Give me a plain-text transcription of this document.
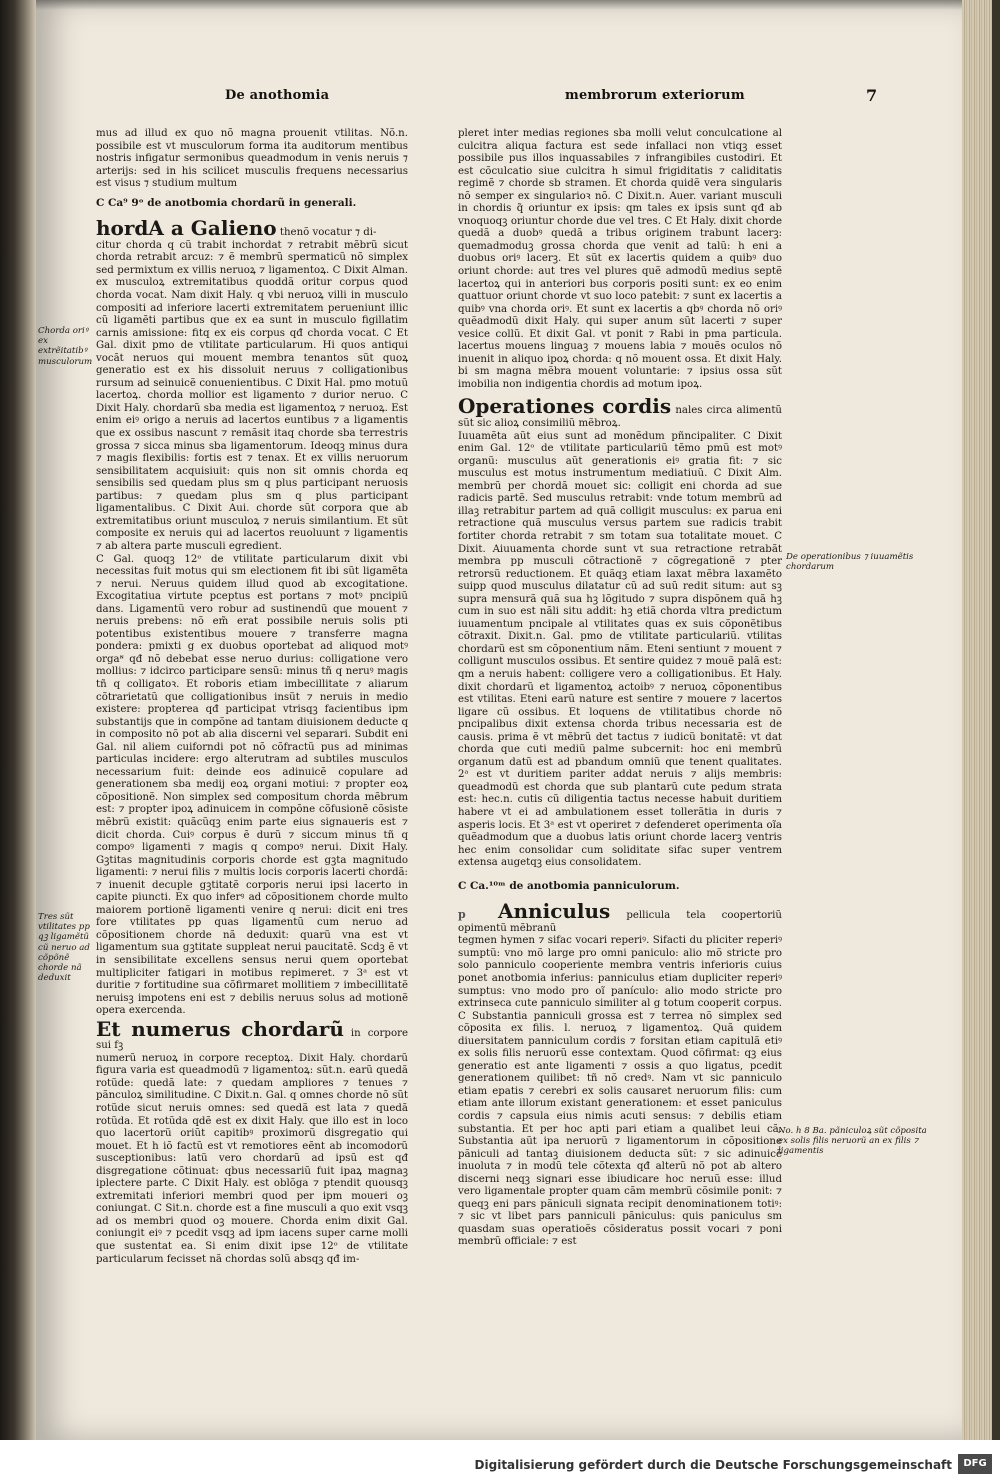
De anothomia	membrorum exteriorum	7

mus ad illud ex quo nõ magna prouenit vtilitas. Nõ.n. possibile est vt musculorum forma ita auditorum mentibus nostris infigatur sermonibus queadmodum in venis neruis ⁊ arterijs: sed in his scilicet musculis frequens necessarius est visus ⁊ studium multum

C Ca⁹ 9ᵒ de anotbomia chordarũ in generali.

hordA a Galieno thenõ vocatur ⁊ di-

citur chorda q cũ trabit inchordat ⁊ retrabit mẽbrũ sicut chorda retrabit arcuz: ⁊ ẽ membrũ spermaticũ nõ simplex sed permixtum ex villis neruoꝝ ⁊ ligamentoꝝ. C Dixit Alman. ex musculoꝝ extremitatibus quoddã oritur corpus quod chorda vocat. Nam dixit Haly. q vbi neruoꝝ villi in musculo compositi ad inferiore lacerti extremitatem perueniunt illic cũ ligamẽti partibus que ex ea sunt in musculo figillatim carnis amissione: fitq ex eis corpus qđ chorda vocat. C Et Gal. dixit pmo de vtilitate particularum. Hi quos antiqui vocãt neruos qui mouent membra tenantos sũt quoꝝ generatio est ex his dissoluit neruus ⁊ colligationibus rursum ad seinuicẽ conuenientibus. C Dixit Hal. pmo motuũ lacertoꝝ. chorda mollior est ligamento ⁊ durior neruo. C Dixit Haly. chordarũ sba media est ligamentoꝝ ⁊ neruoꝝ. Est enim eiꝰ origo a neruis ad lacertos euntibus ⁊ a ligamentis que ex ossibus nascunt ⁊ remãsit itaq chorde sba terrestris grossa ⁊ sicca minus sba ligamentorum. Ideoqꝫ minus dura ⁊ magis flexibilis: fortis est ⁊ tenax. Et ex villis neruorum sensibilitatem acquisiuit: quis non sit omnis chorda eq sensibilis sed quedam plus sm q plus participant neruosis partibus: ⁊ quedam plus sm q plus participant ligamentalibus. C Dixit Aui. chorde sũt corpora que ab extremitatibus oriunt musculoꝝ ⁊ neruis similantium. Et sũt composite ex neruis qui ad lacertos reuoluunt ⁊ ligamentis ⁊ ab altera parte musculi egredient.

C Gal. quoqꝫ 12ᵒ de vtilitate particularum dixit vbi necessitas fuit motus qui sm electionem fit ibi sũt ligamẽta ⁊ nerui. Neruus quidem illud quod ab excogitatione. Excogitatiua virtute pceptus est portans ⁊ motꝰ pncipiũ dans. Ligamentũ vero robur ad sustinendũ que mouent ⁊ neruis prebens: nõ em̃ erat possibile neruis solis pti potentibus existentibus mouere ⁊ transferre magna pondera: pmixti g ex duobus oportebat ad aliquod motꝰ orgaᶰ qđ nõ debebat esse neruo durius: colligatione vero mollius: ⁊ idcirco participare sensũ: minus tñ q neruꝰ magis tñ q colligatoꝛ. Et roboris etiam imbecillitate ⁊ aliarum cõtrarietatũ que colligationibus insũt ⁊ neruis in medio existere: propterea qđ participat vtrisqꝫ facientibus ipm substantijs que in compõne ad tantam diuisionem deducte q in composito nõ pot ab alia discerni vel separari. Subdit eni Gal. nil aliem cuiforndi pot nõ cõfractũ pus ad minimas particulas incidere: ergo alterutram ad subtiles musculos necessarium fuit: deinde eos adinuicẽ copulare ad generationem sba medij eoꝝ organi motiui: ⁊ propter eoꝝ cõpositionẽ. Non simplex sed compositum chorda mẽbrum est: ⁊ propter ipoꝝ adinuicem in compõne cõfusionẽ cõsiste mẽbrũ existit: quãcũqꝫ enim parte eius signaueris est ⁊ dicit chorda. Cuiꝰ corpus ẽ durũ ⁊ siccum minus tñ q compoꝰ ligamenti ⁊ magis q compoꝰ nerui. Dixit Haly. Gꝫtitas magnitudinis corporis chorde est gꝫta magnitudo ligamenti: ⁊ nerui filis ⁊ multis locis corporis lacerti chordã: ⁊ inuenit decuple gꝫtitatẽ corporis nerui ipsi lacerto in capite piuncti. Ex quo inferꝰ ad cõpositionem chorde multo maiorem portionẽ ligamenti venire q nerui: dicit eni tres fore vtilitates pp quas ligamentũ cum neruo ad cõpositionem chorde nã deduxit: quarũ vna est vt ligamentum sua gꝫtitate suppleat nerui paucitatẽ. Scdꝫ ẽ vt in sensibilitate excellens sensus nerui quem oportebat multipliciter fatigari in motibus repimeret. ⁊ 3ᵃ est vt duritie ⁊ fortitudine sua cõfirmaret mollitiem ⁊ imbecillitatẽ neruisꝫ impotens eni est ⁊ debilis neruus solus ad motionẽ opera exercenda.

Et numerus chordarũ in corpore sui fꝫ

numerũ neruoꝝ in corpore receptoꝝ. Dixit Haly. chordarũ figura varia est queadmodũ ⁊ ligamentoꝝ: sũt.n. earũ quedã rotũde: quedã late: ⁊ quedam ampliores ⁊ tenues ⁊ pãnculoꝝ similitudine. C Dixit.n. Gal. q omnes chorde nõ sũt rotũde sicut neruis omnes: sed quedã est lata ⁊ quedã rotũda. Et rotũda qdẽ est ex dixit Haly. que illo est in loco quo lacertorũ oriũt capitibꝰ proximorũ disgregatio qui mouet. Et h iõ factũ est vt remotiores eẽnt ab incomodorũ susceptionibus: latũ vero chordarũ ad ipsũ est qđ disgregatione cõtinuat: qbus necessariũ fuit ipaꝝ magnaꝫ iplectere parte. C Dixit Haly. est oblõga ⁊ ptendit quousqꝫ extremitati inferiori membri quod per ipm moueri oꝫ coniungat. C Sit.n. chorde est a fine musculi a quo exit vsqꝫ ad os membri quod oꝫ mouere. Chorda enim dixit Gal. coniungit eiꝰ ⁊ pcedit vsqꝫ ad ipm iacens super carne molli que sustentat ea. Si enim dixit ipse 12ᵒ de vtilitate particularum fecisset nã chordas solũ absqꝫ qđ im-

pleret inter medias regiones sba molli velut conculcatione al culcitra aliqua factura est sede infallaci non vtiqꝫ esset possibile pus illos inquassabiles ⁊ infrangibiles custodiri. Et est cõculcatio siue culcitra h simul frigiditatis ⁊ caliditatis regimẽ ⁊ chorde sb stramen. Et chorda quidẽ vera singularis nõ semper ex singularioꝛ nõ. C Dixit.n. Auer. variant musculi in chordis q̃ oriuntur ex ipsis: qm tales ex ipsis sunt qđ ab vnoquoqꝫ oriuntur chorde due vel tres. C Et Haly. dixit chorde quedã a duobꝰ quedã a tribus originem trabunt lacerꝫ: quemadmoduꝫ grossa chorda que venit ad talũ: h eni a duobus oriꝰ lacerꝫ. Et sũt ex lacertis quidem a quibꝰ duo oriunt chorde: aut tres vel plures quẽ admodũ medius septẽ lacertoꝝ qui in anteriori bus corporis positi sunt: ex eo enim quattuor oriunt chorde vt suo loco patebit: ⁊ sunt ex lacertis a quibꝰ vna chorda oriꝰ. Et sunt ex lacertis a qbꝰ chorda nõ oriꝰ quẽadmodũ dixit Haly. qui super anum sũt lacerti ⁊ super vesice collũ. Et dixit Gal. vt ponit ⁊ Rabi in pma particula. lacertus mouens linguaꝫ ⁊ mouens labia ⁊ mouẽs oculos nõ inuenit in aliquo ipoꝝ chorda: q nõ mouent ossa. Et dixit Haly. bi sm magna mẽbra mouent voluntarie: ⁊ ipsius ossa sũt imobilia non indigentia chordis ad motum ipoꝝ.

Operationes cordis nales circa alimentũ sũt sic alioꝝ consimiliũ mẽbroꝝ.

Iuuamẽta aũt eius sunt ad monẽdum pñncipaliter. C Dixit enim Gal. 12ᵒ de vtilitate particulariũ tẽmo pmũ est motꝰ organũ: musculus aũt generationis eiꝰ gratia fit: ⁊ sic musculus est motus instrumentum mediatiuũ. C Dixit Alm. membrũ per chordã mouet sic: colligit eni chorda ad sue radicis partẽ. Sed musculus retrabit: vnde totum membrũ ad illaꝫ retrabitur partem ad quã colligit musculus: ex parua eni retractione quã musculus versus partem sue radicis trabit fortiter chorda retrabit ⁊ sm totam sua totalitate mouet. C Dixit. Aiuuamenta chorde sunt vt sua retractione retrabãt membra pp musculi cõtractionẽ ⁊ cõgregationẽ ⁊ pter retrorsũ reductionem. Et quãqꝫ etiam laxat mẽbra laxamẽto suipp quod musculus dilatatur cũ ad suũ redit situm: aut sꝫ supra mensurã quã sua hꝫ lõgitudo ⁊ supra dispõnem quã hꝫ cum in suo est nãli situ addit: hꝫ etiã chorda vltra predictum iuuamentum pncipale al vtilitates quas ex suis cõponẽtibus cõtraxit. Dixit.n. Gal. pmo de vtilitate particulariũ. vtilitas chordarũ est sm cõponentium nãm. Eteni sentiunt ⁊ mouent ⁊ colligunt musculos ossibus. Et sentire quidez ⁊ mouẽ palã est: qm a neruis habent: colligere vero a colligationibus. Et Haly. dixit chordarũ et ligamentoꝝ actoibꝰ ⁊ neruoꝝ cõponentibus est vtilitas. Eteni earũ nature est sentire ⁊ mouere ⁊ lacertos ligare cũ ossibus. Et loquens de vtilitatibus chorde nõ pncipalibus dixit extensa chorda tribus necessaria est de causis. prima ẽ vt mẽbrũ det tactus ⁊ iudicũ bonitatẽ: vt dat chorda que cuti mediũ palme subcernit: hoc eni membrũ organum datũ est ad pbandum omniũ que tenent qualitates. 2ᵃ est vt duritiem pariter addat neruis ⁊ alijs membris: queadmodũ est chorda que sub plantarũ cute pedum strata est: hec.n. cutis cũ diligentia tactus necesse habuit duritiem habere vt ei ad ambulationem esset tollerãtia in duris ⁊ asperis locis. Et 3ᵃ est vt operiret ⁊ defenderet operimenta oĩa quẽadmodum que a duobus latis oriunt chorde lacerꝫ ventris hec enim consolidar cum soliditate sifac super ventrem extensa augetqꝫ eius consolidatem.

C Ca.¹⁰ᵐ de anotbomia panniculorum.

p Anniculus pellicula tela coopertoriũ opimentũ mẽbranũ

tegmen hymen ⁊ sifac vocari reperiꝰ. Sifacti du pliciter reperiꝰ sumptũ: vno mõ large pro omni paniculo: alio mõ stricte pro solo panniculo cooperiente membra ventris inferioris cuius ponet anotbomia inferius: panniculus etiam dupliciter reperiꝰ sumptus: vno modo pro oĩ panículo: alio modo stricte pro extrinseca cute panniculo similiter al g totum cooperit corpus. C Substantia panniculi grossa est ⁊ terrea nõ simplex sed cõposita ex filis. l. neruoꝝ ⁊ ligamentoꝝ. Quã quidem diuersitatem panniculum cordis ⁊ forsitan etiam capitulã etiꝰ ex solis filis neruorũ esse contextam. Quod cõfirmat: qꝫ eius generatio est ante ligamenti ⁊ ossis a quo ligatus, pcedit generationem quilibet: tñ nõ credꝰ. Nam vt sic panniculo etiam epatis ⁊ cerebri ex solis causaret neruorum filis: cum etiam ante illorum existant generationem: et esset paniculus cordis ⁊ capsula eius nimis acuti sensus: ⁊ debilis etiam substantia. Et per hoc apti pari etiam a qualibet leui cã. Substantia aũt ipa neruorũ ⁊ ligamentorum in cõpositione pãniculi ad tantaꝫ diuisionem deducta sũt: ⁊ sic adinuicẽ inuoluta ⁊ in modũ tele cõtexta qđ alterũ nõ pot ab altero discerni neqꝫ signari esse ibiudicare hoc neruũ esse: illud vero ligamentale propter quam cãm membrũ cõsimile ponit: ⁊ queqꝫ eni pars pãniculi signata recipit denominationem totiꝰ: ⁊ sic vt libet pars panniculi pãniculus: quis paniculus sm quasdam suas operatioẽs cõsideratus possit vocari ⁊ poni membrũ officiale: ⁊ est

Chorda oriꝰ ex extrẽitatibꝰ musculorum
Tres sũt vtilitates pp qꝫ ligamẽtũ cũ neruo ad cõpõnẽ chorde nã deduxit
De operationibus ⁊ iuuamẽtis chordarum
No. h 8 Ba. pãniculoꝝ sũt cõposita ex solis filis neruorũ an ex filis ⁊ ligamentis
Digitalisierung gefördert durch die Deutsche Forschungsgemeinschaft	DFG
